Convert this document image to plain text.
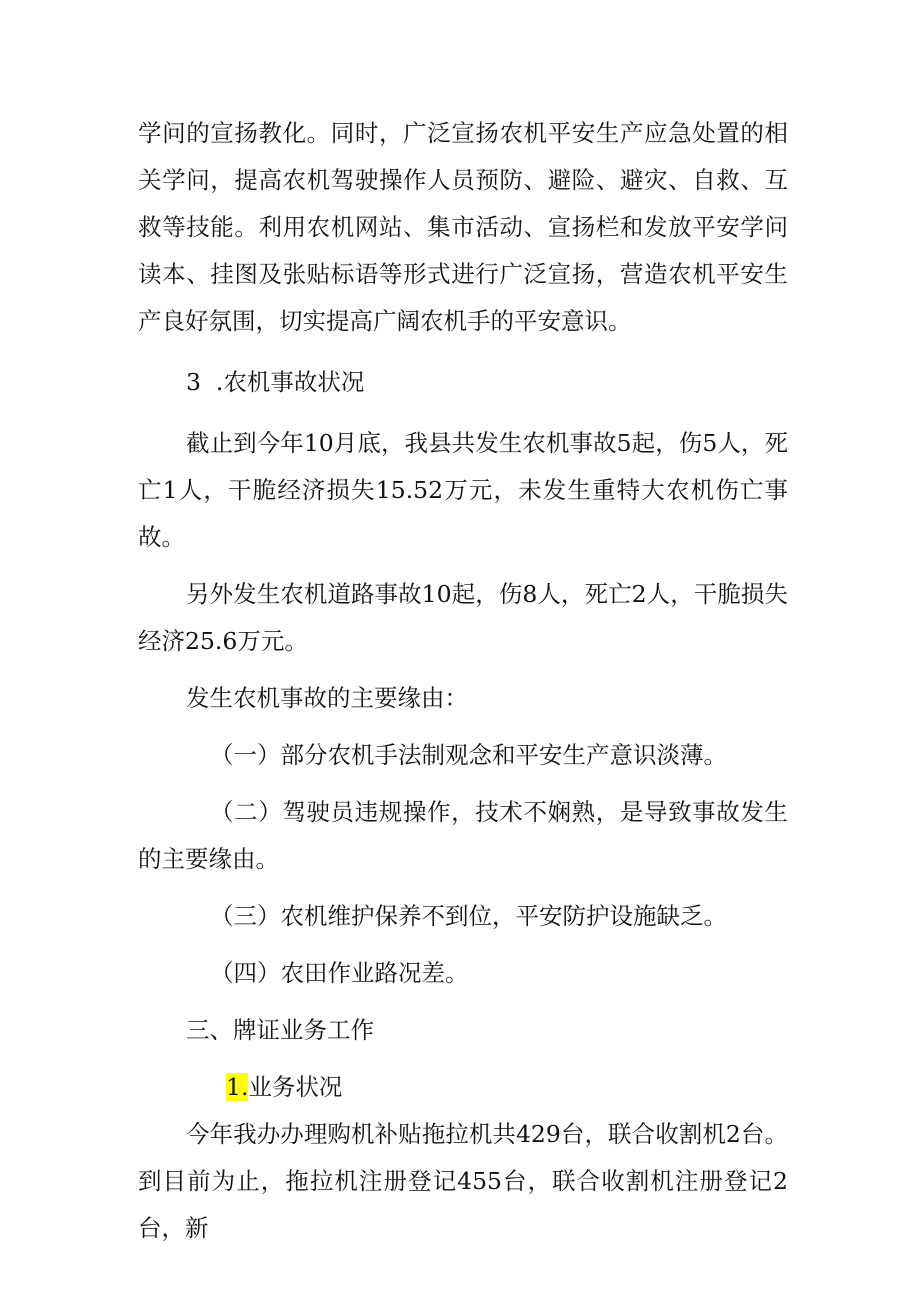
学问的宣扬教化。同时，广泛宣扬农机平安生产应急处置的相关学问，提高农机驾驶操作人员预防、避险、避灾、自救、互救等技能。利用农机网站、集市活动、宣扬栏和发放平安学问读本、挂图及张贴标语等形式进行广泛宣扬，营造农机平安生产良好氛围，切实提高广阔农机手的平安意识。

3  .农机事故状况

截止到今年10月底，我县共发生农机事故5起，伤5人，死亡1人，干脆经济损失15.52万元，未发生重特大农机伤亡事故。

另外发生农机道路事故10起，伤8人，死亡2人，干脆损失经济25.6万元。

发生农机事故的主要缘由：

（一）部分农机手法制观念和平安生产意识淡薄。

（二）驾驶员违规操作，技术不娴熟，是导致事故发生的主要缘由。

（三）农机维护保养不到位，平安防护设施缺乏。

（四）农田作业路况差。

三、牌证业务工作

1.业务状况

今年我办办理购机补贴拖拉机共429台，联合收割机2台。到目前为止，拖拉机注册登记455台，联合收割机注册登记2台，新
